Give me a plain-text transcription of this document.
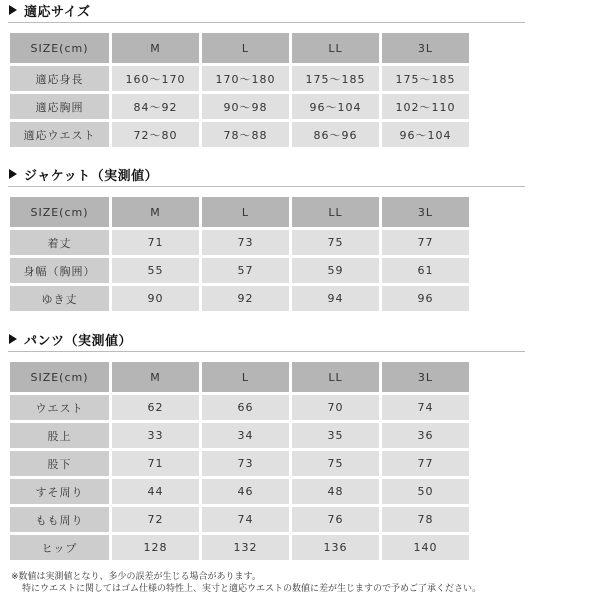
適応サイズ
SIZE(cm)	M	L	LL	3L
適応身長	160～170	170～180	175～185	175～185
適応胸囲	84～92	90～98	96～104	102～110
適応ウエスト	72～80	78～88	86～96	96～104
ジャケット（実測値）
SIZE(cm)	M	L	LL	3L
着丈	71	73	75	77
身幅（胸囲）	55	57	59	61
ゆき丈	90	92	94	96
パンツ（実測値）
SIZE(cm)	M	L	LL	3L
ウエスト	62	66	70	74
股上	33	34	35	36
股下	71	73	75	77
すそ周り	44	46	48	50
もも周り	72	74	76	78
ヒップ	128	132	136	140
※数値は実測値となり、多少の誤差が生じる場合があります。
特にウエストに関してはゴム仕様の特性上、実寸と適応ウエストの数値に差が生じますので予めご了承ください。
